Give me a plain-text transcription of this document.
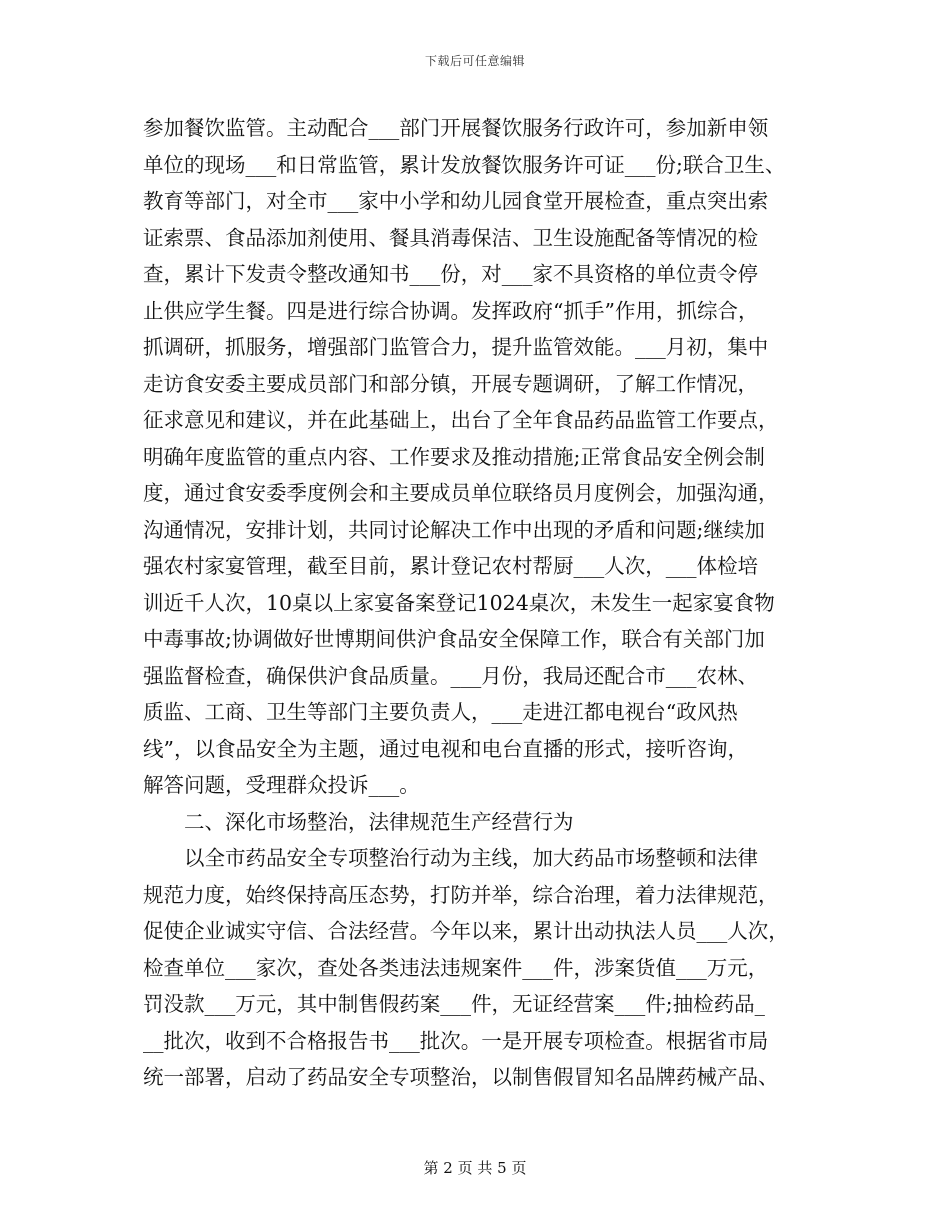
下载后可任意编辑
参加餐饮监管。主动配合___部门开展餐饮服务行政许可，参加新申领
单位的现场___和日常监管，累计发放餐饮服务许可证___份;联合卫生、
教育等部门，对全市___家中小学和幼儿园食堂开展检查，重点突出索
证索票、食品添加剂使用、餐具消毒保洁、卫生设施配备等情况的检
查，累计下发责令整改通知书___份，对___家不具资格的单位责令停
止供应学生餐。四是进行综合协调。发挥政府“抓手”作用，抓综合，
抓调研，抓服务，增强部门监管合力，提升监管效能。___月初，集中
走访食安委主要成员部门和部分镇，开展专题调研，了解工作情况，
征求意见和建议，并在此基础上，出台了全年食品药品监管工作要点，
明确年度监管的重点内容、工作要求及推动措施;正常食品安全例会制
度，通过食安委季度例会和主要成员单位联络员月度例会，加强沟通，
沟通情况，安排计划，共同讨论解决工作中出现的矛盾和问题;继续加
强农村家宴管理，截至目前，累计登记农村帮厨___人次，___体检培
训近千人次，10桌以上家宴备案登记1024桌次，未发生一起家宴食物
中毒事故;协调做好世博期间供沪食品安全保障工作，联合有关部门加
强监督检查，确保供沪食品质量。___月份，我局还配合市___农林、
质监、工商、卫生等部门主要负责人，___走进江都电视台“政风热
线”，以食品安全为主题，通过电视和电台直播的形式，接听咨询，
解答问题，受理群众投诉___。
二、深化市场整治，法律规范生产经营行为
以全市药品安全专项整治行动为主线，加大药品市场整顿和法律
规范力度，始终保持高压态势，打防并举，综合治理，着力法律规范，
促使企业诚实守信、合法经营。今年以来，累计出动执法人员___人次，
检查单位___家次，查处各类违法违规案件___件，涉案货值___万元，
罚没款___万元，其中制售假药案___件，无证经营案___件;抽检药品_
__批次，收到不合格报告书___批次。一是开展专项检查。根据省市局
统一部署，启动了药品安全专项整治，以制售假冒知名品牌药械产品、
第 2 页 共 5 页
